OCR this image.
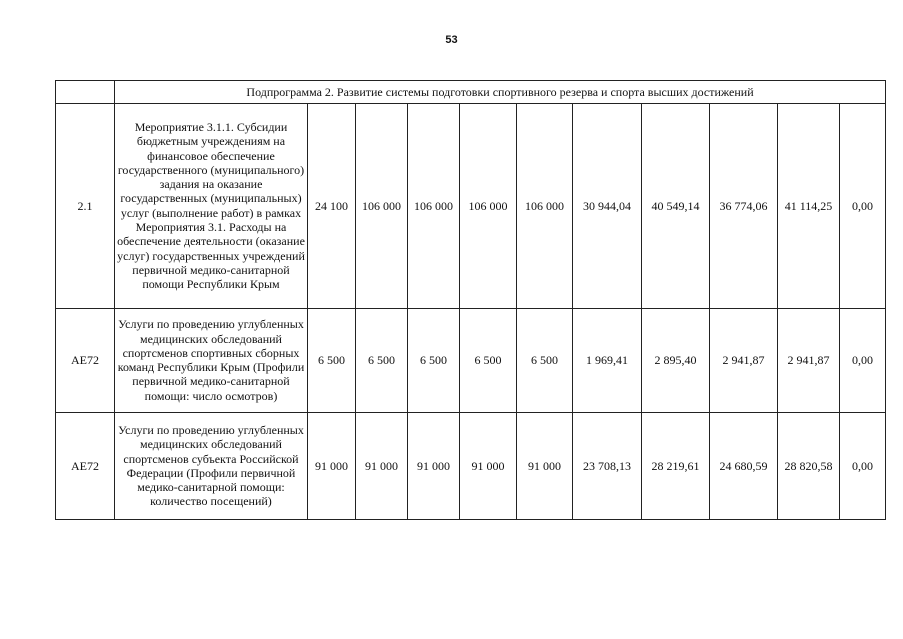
53
	Подпрограмма 2. Развитие системы подготовки спортивного резерва и спорта высших достижений										
2.1	Мероприятие 3.1.1. Субсидии бюджетным учреждениям на финансовое обеспечение государственного (муниципального) задания на оказание государственных (муниципальных) услуг (выполнение работ) в рамках Мероприятия 3.1. Расходы на обеспечение деятельности (оказание услуг) государственных учреждений первичной медико-санитарной помощи Республики Крым	24 100	106 000	106 000	106 000	106 000	30 944,04	40 549,14	36 774,06	41 114,25	0,00
АЕ72	Услуги по проведению углубленных медицинских обследований спортсменов спортивных сборных команд Республики Крым (Профили первичной медико-санитарной помощи: число осмотров)	6 500	6 500	6 500	6 500	6 500	1 969,41	2 895,40	2 941,87	2 941,87	0,00
АЕ72	Услуги по проведению углубленных медицинских обследований спортсменов субъекта Российской Федерации (Профили первичной медико-санитарной помощи: количество посещений)	91 000	91 000	91 000	91 000	91 000	23 708,13	28 219,61	24 680,59	28 820,58	0,00
